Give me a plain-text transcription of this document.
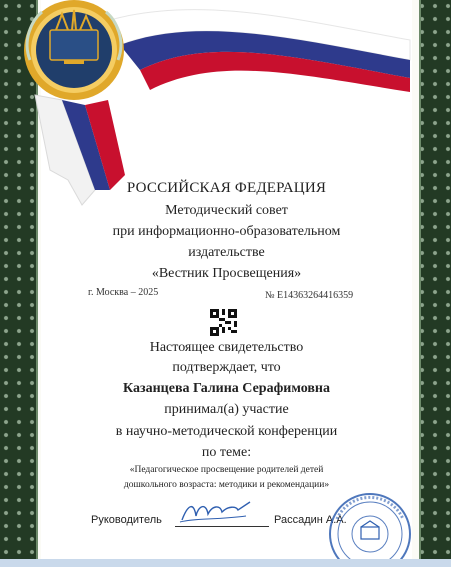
РОССИЙСКАЯ ФЕДЕРАЦИЯ
Методический совет
при информационно-образовательном
издательстве
«Вестник Просвещения»
г. Москва – 2025	№ E14363264416359
Настоящее свидетельство
подтверждает, что
Казанцева Галина Серафимовна
принимал(а) участие
в научно-методической конференции
по теме:
«Педагогическое просвещение родителей детей
дошкольного возраста: методики и рекомендации»
Руководитель	Рассадин А.А.
